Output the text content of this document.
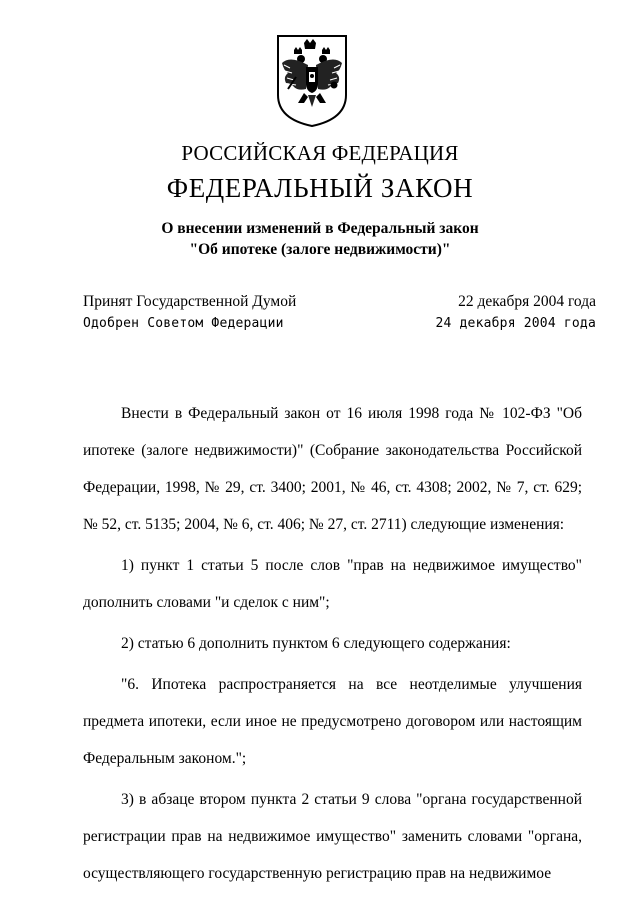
РОССИЙСКАЯ ФЕДЕРАЦИЯ
ФЕДЕРАЛЬНЫЙ ЗАКОН
О внесении изменений в Федеральный закон
"Об ипотеке (залоге недвижимости)"
Принят Государственной Думой
Одобрен Советом Федерации
22 декабря 2004 года
24 декабря 2004 года

Внести в Федеральный закон от 16 июля 1998 года № 102-ФЗ "Об ипотеке (залоге недвижимости)" (Собрание законодательства Российской Федерации, 1998, № 29, ст. 3400; 2001, № 46, ст. 4308; 2002, № 7, ст. 629; № 52, ст. 5135; 2004, № 6, ст. 406; № 27, ст. 2711) следующие изменения:

1) пункт 1 статьи 5 после слов "прав на недвижимое имущество" дополнить словами "и сделок с ним";

2) статью 6 дополнить пунктом 6 следующего содержания:

"6. Ипотека распространяется на все неотделимые улучшения предмета ипотеки, если иное не предусмотрено договором или настоящим Федеральным законом.";

3) в абзаце втором пункта 2 статьи 9 слова "органа государственной регистрации прав на недвижимое имущество" заменить словами "органа, осуществляющего государственную регистрацию прав на недвижимое
